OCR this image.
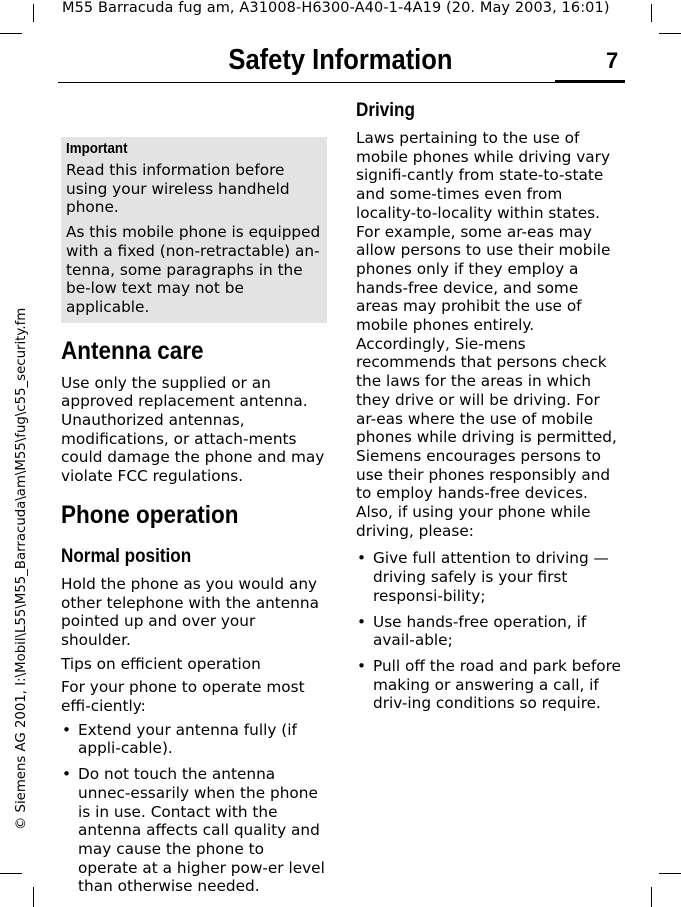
M55 Barracuda fug am, A31008-H6300-A40-1-4A19 (20. May 2003, 16:01)
Safety Information	7
© Siemens AG 2001, I:\Mobil\L55\M55_Barracuda\am\M55\fug\c55_security.fm
Important

Read this information before using your wireless handheld phone.

As this mobile phone is equipped with a fixed (non-retractable) an-tenna, some paragraphs in the be-low text may not be applicable.

Antenna care

Use only the supplied or an approved replacement antenna. Unauthorized antennas, modifications, or attach-ments could damage the phone and may violate FCC regulations.

Phone operation
Normal position

Hold the phone as you would any other telephone with the antenna pointed up and over your shoulder.

Tips on efficient operation

For your phone to operate most effi-ciently:

• Extend your antenna fully (if appli-cable).
• Do not touch the antenna unnec-essarily when the phone is in use. Contact with the antenna affects call quality and may cause the phone to operate at a higher pow-er level than otherwise needed.
Driving

Laws pertaining to the use of mobile phones while driving vary signifi-cantly from state-to-state and some-times even from locality-to-locality within states. For example, some ar-eas may allow persons to use their mobile phones only if they employ a hands-free device, and some areas may prohibit the use of mobile phones entirely. Accordingly, Sie-mens recommends that persons check the laws for the areas in which they drive or will be driving. For ar-eas where the use of mobile phones while driving is permitted, Siemens encourages persons to use their phones responsibly and to employ hands-free devices. Also, if using your phone while driving, please:

• Give full attention to driving — driving safely is your first responsi-bility;
• Use hands-free operation, if avail-able;
• Pull off the road and park before making or answering a call, if driv-ing conditions so require.
